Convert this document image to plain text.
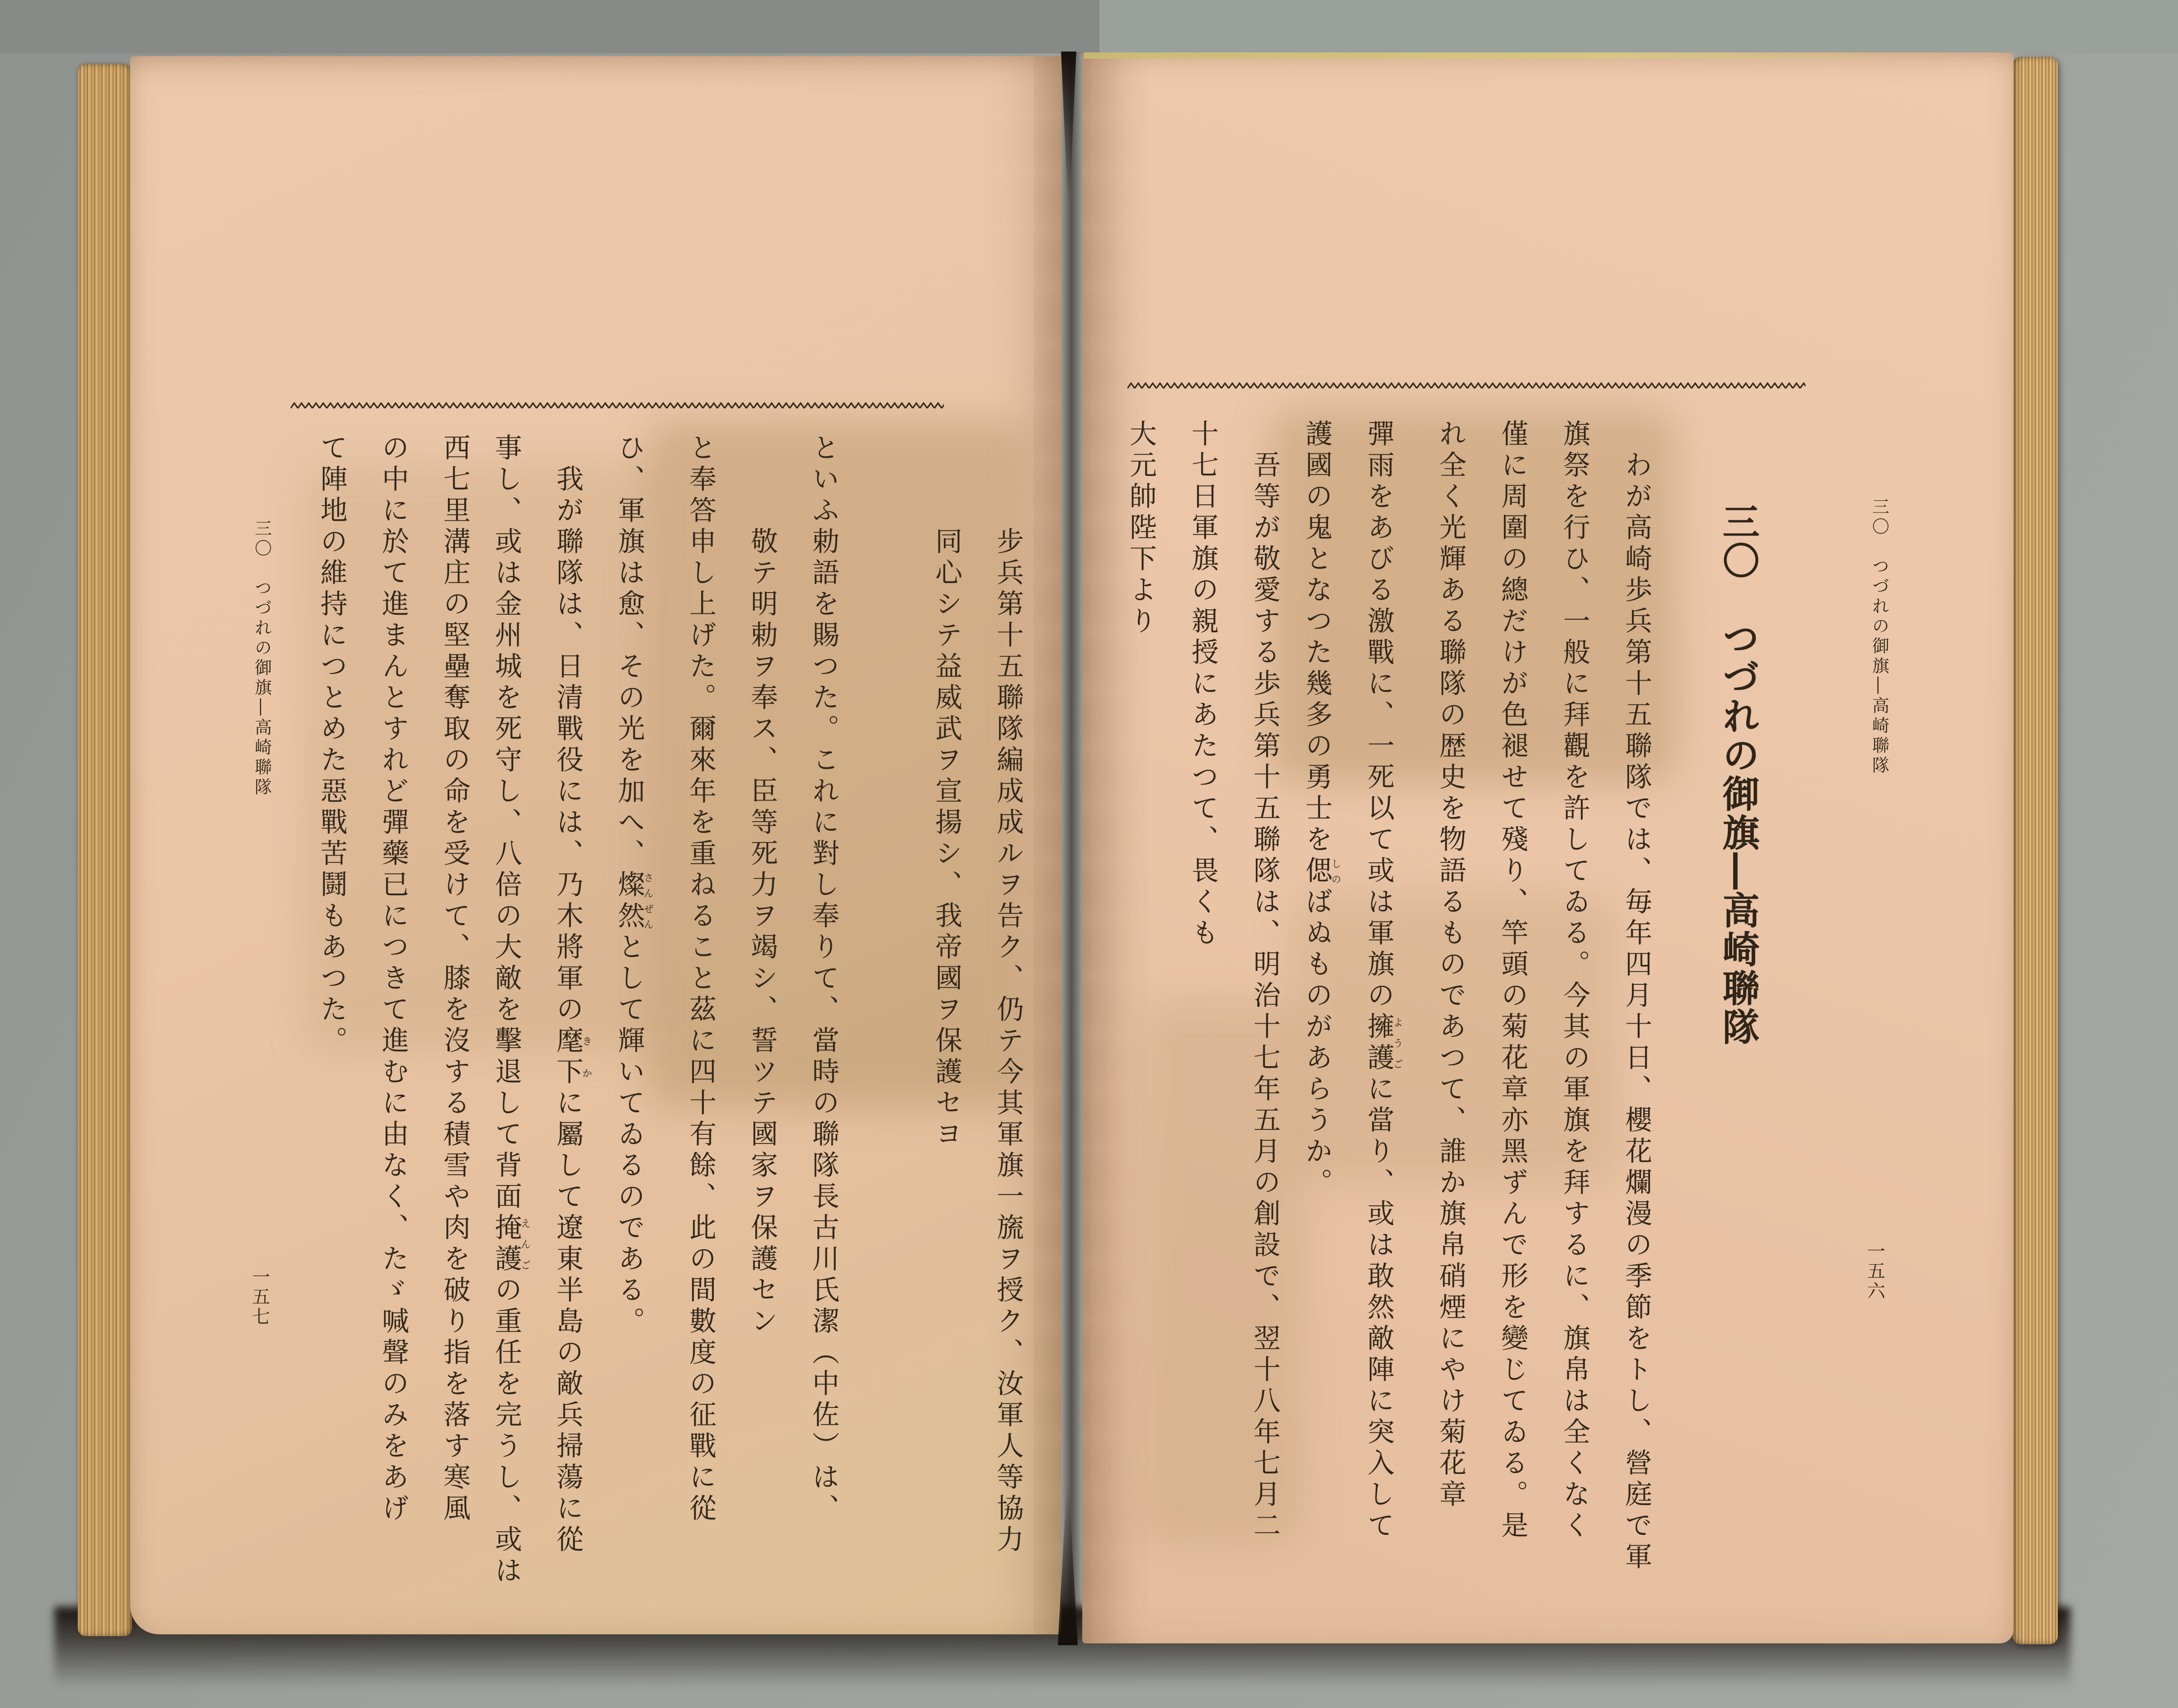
三〇　つづれの御旗―高崎聯隊
一五七	步兵第十五聯隊編成成ルヲ告ク、仍テ今其軍旗一旒ヲ授ク、汝軍人等協力
同心シテ益威武ヲ宣揚シ、我帝國ヲ保護セヨ
といふ勅語を賜つた。これに對し奉りて、當時の聯隊長古川氏潔（中佐）は、
敬テ明勅ヲ奉ス、臣等死力ヲ竭シ、誓ツテ國家ヲ保護セン
と奉答申し上げた。爾來年を重ねること茲に四十有餘、此の間數度の征戰に從
ひ、軍旗は愈、その光を加へ、燦然さんぜんとして輝いてゐるのである。
我が聯隊は、日清戰役には、乃木將軍の麾下きかに屬して遼東半島の敵兵掃蕩に從
事し、或は金州城を死守し、八倍の大敵を擊退して背面掩護えんごの重任を完うし、或は
西七里溝庄の堅壘奪取の命を受けて、膝を沒する積雪や肉を破り指を落す寒風
の中に於て進まんとすれど彈藥已につきて進むに由なく、たゞ喊聲のみをあげ
て陣地の維持につとめた惡戰苦鬪もあつた。	三〇　つづれの御旗―高崎聯隊
三〇　つづれの御旗―高崎聯隊
一五六
わが高崎歩兵第十五聯隊では、毎年四月十日、櫻花爛漫の季節をトし、營庭で軍
旗祭を行ひ、一般に拜觀を許してゐる。今其の軍旗を拜するに、旗帛は全くなく
僅に周圍の總だけが色褪せて殘り、竿頭の菊花章亦黑ずんで形を變じてゐる。是
れ全く光輝ある聯隊の歴史を物語るものであつて、誰か旗帛硝煙にやけ菊花章
彈雨をあびる激戰に、一死以て或は軍旗の擁護ようごに當り、或は敢然敵陣に突入して
護國の鬼となつた幾多の勇士を偲しのばぬものがあらうか。
吾等が敬愛する歩兵第十五聯隊は、明治十七年五月の創設で、翌十八年七月二
十七日軍旗の親授にあたつて、畏くも
大元帥陛下より
